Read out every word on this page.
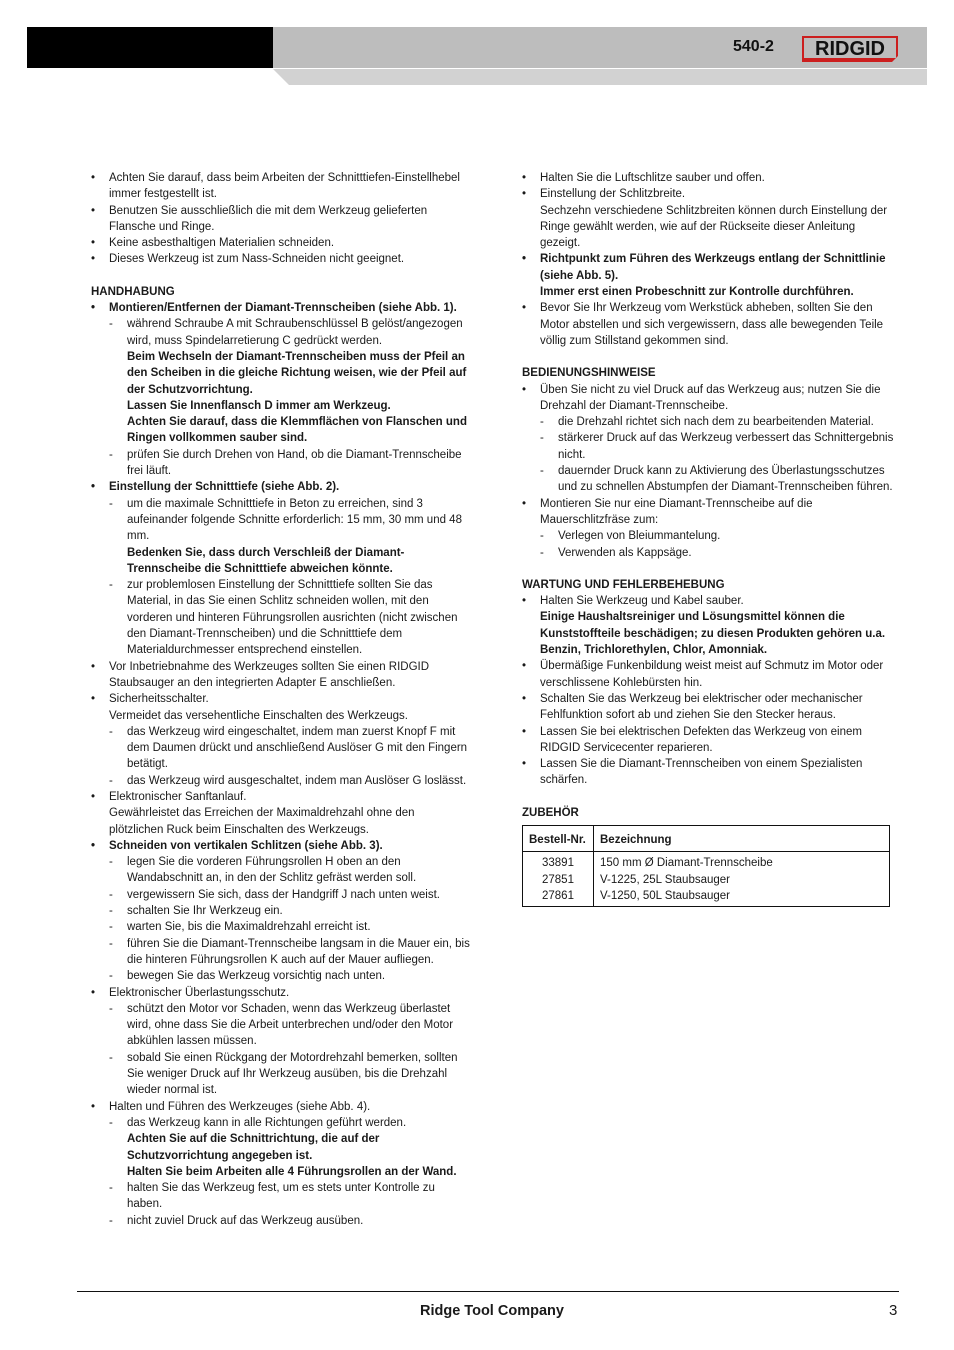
540-2 RIDGID
• Achten Sie darauf, dass beim Arbeiten der Schnitttiefen-Einstellhebel immer festgestellt ist.
• Benutzen Sie ausschließlich die mit dem Werkzeug gelieferten Flansche und Ringe.
• Keine asbesthaltigen Materialien schneiden.
• Dieses Werkzeug ist zum Nass-Schneiden nicht geeignet.
HANDHABUNG
• Montieren/Entfernen der Diamant-Trennscheiben (siehe Abb. 1).
- während Schraube A mit Schraubenschlüssel B gelöst/angezogen wird, muss Spindelarretierung C gedrückt werden.
Beim Wechseln der Diamant-Trennscheiben muss der Pfeil an den Scheiben in die gleiche Richtung weisen, wie der Pfeil auf der Schutzvorrichtung.
Lassen Sie Innenflansch D immer am Werkzeug.
Achten Sie darauf, dass die Klemmflächen von Flanschen und Ringen vollkommen sauber sind.
- prüfen Sie durch Drehen von Hand, ob die Diamant-Trennscheibe frei läuft.
• Einstellung der Schnitttiefe (siehe Abb. 2).
- um die maximale Schnitttiefe in Beton zu erreichen, sind 3 aufeinander folgende Schnitte erforderlich: 15 mm, 30 mm und 48 mm.
Bedenken Sie, dass durch Verschleiß der Diamant-Trennscheibe die Schnitttiefe abweichen könnte.
- zur problemlosen Einstellung der Schnitttiefe sollten Sie das Material, in das Sie einen Schlitz schneiden wollen, mit den vorderen und hinteren Führungsrollen ausrichten (nicht zwischen den Diamant-Trennscheiben) und die Schnitttiefe dem Materialdurchmesser entsprechend einstellen.
• Vor Inbetriebnahme des Werkzeuges sollten Sie einen RIDGID Staubsauger an den integrierten Adapter E anschließen.
• Sicherheitsschalter.
Vermeidet das versehentliche Einschalten des Werkzeugs.
- das Werkzeug wird eingeschaltet, indem man zuerst Knopf F mit dem Daumen drückt und anschließend Auslöser G mit den Fingern betätigt.
- das Werkzeug wird ausgeschaltet, indem man Auslöser G loslässt.
• Elektronischer Sanftanlauf.
Gewährleistet das Erreichen der Maximaldrehzahl ohne den plötzlichen Ruck beim Einschalten des Werkzeugs.
• Schneiden von vertikalen Schlitzen (siehe Abb. 3).
- legen Sie die vorderen Führungsrollen H oben an den Wandabschnitt an, in den der Schlitz gefräst werden soll.
- vergewissern Sie sich, dass der Handgriff J nach unten weist.
- schalten Sie Ihr Werkzeug ein.
- warten Sie, bis die Maximaldrehzahl erreicht ist.
- führen Sie die Diamant-Trennscheibe langsam in die Mauer ein, bis die hinteren Führungsrollen K auch auf der Mauer aufliegen.
- bewegen Sie das Werkzeug vorsichtig nach unten.
• Elektronischer Überlastungsschutz.
- schützt den Motor vor Schaden, wenn das Werkzeug überlastet wird, ohne dass Sie die Arbeit unterbrechen und/oder den Motor abkühlen lassen müssen.
- sobald Sie einen Rückgang der Motordrehzahl bemerken, sollten Sie weniger Druck auf Ihr Werkzeug ausüben, bis die Drehzahl wieder normal ist.
• Halten und Führen des Werkzeuges (siehe Abb. 4).
- das Werkzeug kann in alle Richtungen geführt werden.
Achten Sie auf die Schnittrichtung, die auf der Schutzvorrichtung angegeben ist.
Halten Sie beim Arbeiten alle 4 Führungsrollen an der Wand.
- halten Sie das Werkzeug fest, um es stets unter Kontrolle zu haben.
- nicht zuviel Druck auf das Werkzeug ausüben.
• Halten Sie die Luftschlitze sauber und offen.
• Einstellung der Schlitzbreite.
Sechzehn verschiedene Schlitzbreiten können durch Einstellung der Ringe gewählt werden, wie auf der Rückseite dieser Anleitung gezeigt.
• Richtpunkt zum Führen des Werkzeugs entlang der Schnittlinie (siehe Abb. 5).
Immer erst einen Probeschnitt zur Kontrolle durchführen.
• Bevor Sie Ihr Werkzeug vom Werkstück abheben, sollten Sie den Motor abstellen und sich vergewissern, dass alle bewegenden Teile völlig zum Stillstand gekommen sind.
BEDIENUNGSHINWEISE
• Üben Sie nicht zu viel Druck auf das Werkzeug aus; nutzen Sie die Drehzahl der Diamant-Trennscheibe.
- die Drehzahl richtet sich nach dem zu bearbeitenden Material.
- stärkerer Druck auf das Werkzeug verbessert das Schnittergebnis nicht.
- dauernder Druck kann zu Aktivierung des Überlastungsschutzes und zu schnellen Abstumpfen der Diamant-Trennscheiben führen.
• Montieren Sie nur eine Diamant-Trennscheibe auf die Mauerschlitzfräse zum:
- Verlegen von Bleiummantelung.
- Verwenden als Kappsäge.
WARTUNG UND FEHLERBEHEBUNG
• Halten Sie Werkzeug und Kabel sauber.
Einige Haushaltsreiniger und Lösungsmittel können die Kunststoffteile beschädigen; zu diesen Produkten gehören u.a. Benzin, Trichlorethylen, Chlor, Amonniak.
• Übermäßige Funkenbildung weist meist auf Schmutz im Motor oder verschlissene Kohlebürsten hin.
• Schalten Sie das Werkzeug bei elektrischer oder mechanischer Fehlfunktion sofort ab und ziehen Sie den Stecker heraus.
• Lassen Sie bei elektrischen Defekten das Werkzeug von einem RIDGID Servicecenter reparieren.
• Lassen Sie die Diamant-Trennscheiben von einem Spezialisten schärfen.
ZUBEHÖR
Bestell-Nr.	Bezeichnung
33891	150 mm Ø Diamant-Trennscheibe
27851	V-1225, 25L Staubsauger
27861	V-1250, 50L Staubsauger
Ridge Tool Company	3
